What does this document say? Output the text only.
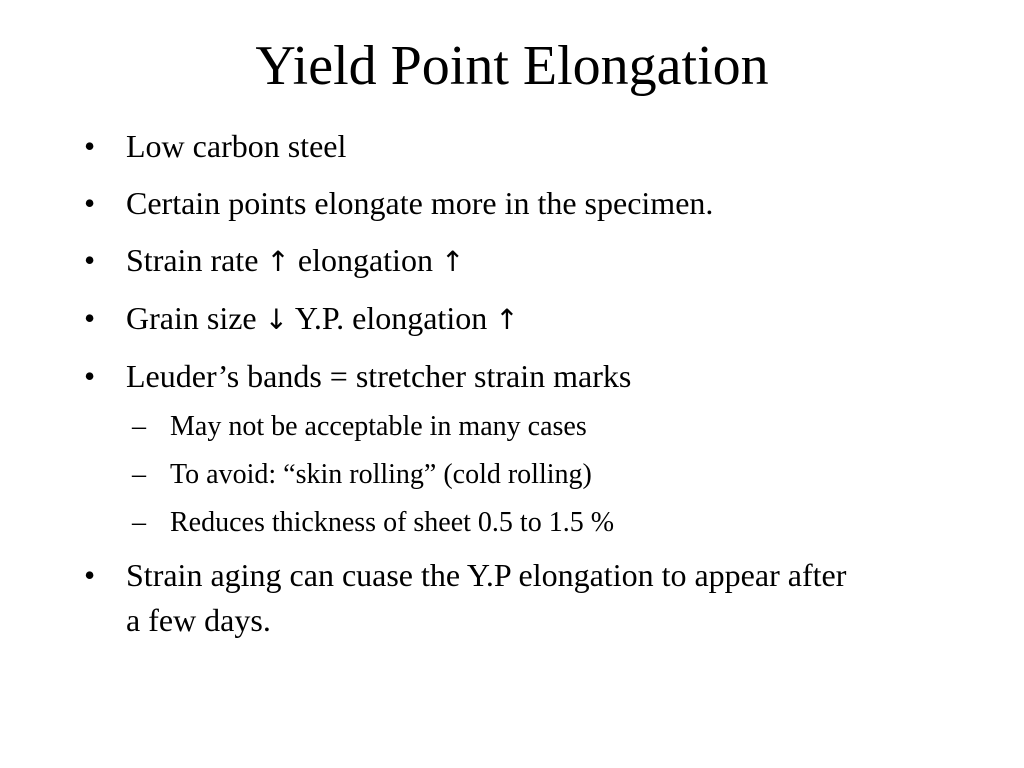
Yield Point Elongation
• Low carbon steel
• Certain points elongate more in the specimen.
• Strain rate ↑ elongation ↑
• Grain size ↓ Y.P. elongation ↑
• Leuder’s bands = stretcher strain marks
– May not be acceptable in many cases
– To avoid: “skin rolling” (cold rolling)
– Reduces thickness of sheet 0.5 to 1.5 %
• Strain aging can cuase the Y.P elongation to appear after a few days.
